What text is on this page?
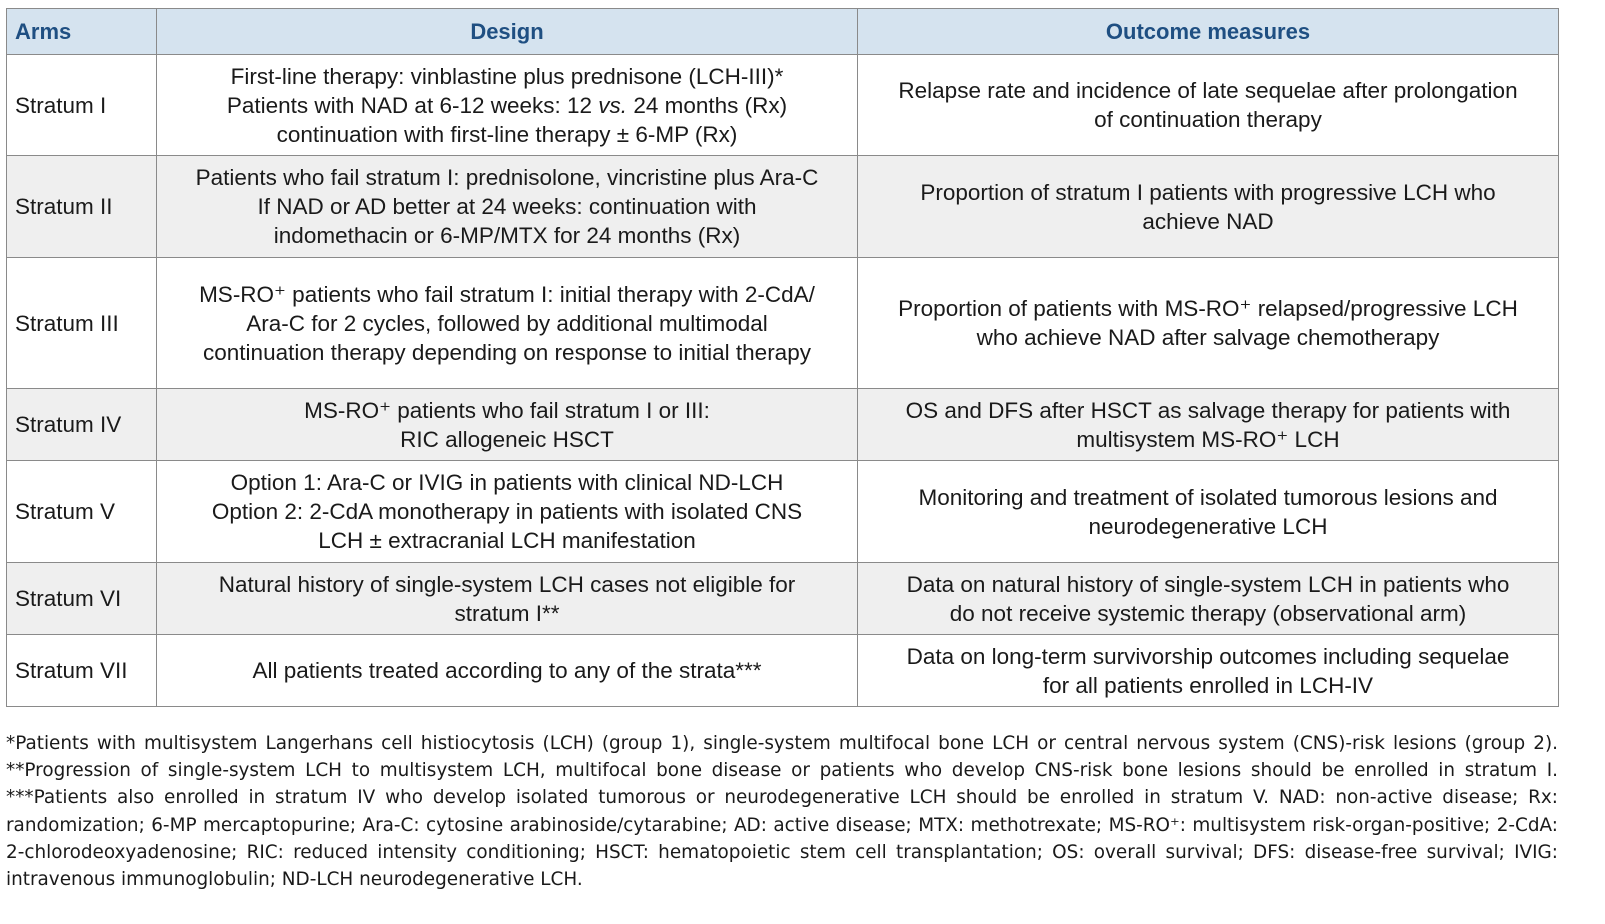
Arms	Design	Outcome measures
Stratum I	First-line therapy: vinblastine plus prednisone (LCH-III)*
Patients with NAD at 6-12 weeks: 12 vs. 24 months (Rx)
continuation with first-line therapy ± 6-MP (Rx)	Relapse rate and incidence of late sequelae after prolongation
of continuation therapy

Stratum II	Patients who fail stratum I: prednisolone, vincristine plus Ara-C
If NAD or AD better at 24 weeks: continuation with
indomethacin or 6-MP/MTX for 24 months (Rx)	Proportion of stratum I patients with progressive LCH who
achieve NAD

Stratum III	MS-RO⁺ patients who fail stratum I: initial therapy with 2-CdA/
Ara-C for 2 cycles, followed by additional multimodal
continuation therapy depending on response to initial therapy	Proportion of patients with MS-RO⁺ relapsed/progressive LCH
who achieve NAD after salvage chemotherapy

Stratum IV	MS-RO⁺ patients who fail stratum I or III:
RIC allogeneic HSCT	OS and DFS after HSCT as salvage therapy for patients with
multisystem MS-RO⁺ LCH

Stratum V	Option 1: Ara-C or IVIG in patients with clinical ND-LCH
Option 2: 2-CdA monotherapy in patients with isolated CNS
LCH ± extracranial LCH manifestation	Monitoring and treatment of isolated tumorous lesions and
neurodegenerative LCH

Stratum VI	Natural history of single-system LCH cases not eligible for
stratum I**	Data on natural history of single-system LCH in patients who
do not receive systemic therapy (observational arm)

Stratum VII	All patients treated according to any of the strata***	Data on long-term survivorship outcomes including sequelae
for all patients enrolled in LCH-IV
*Patients with multisystem Langerhans cell histiocytosis (LCH) (group 1), single-system multifocal bone LCH or central nervous system (CNS)-risk lesions (group 2). **Progression of single-system LCH to multisystem LCH, multifocal bone disease or patients who develop CNS-risk bone lesions should be enrolled in stratum I. ***Patients also enrolled in stratum IV who develop isolated tumorous or neurodegenerative LCH should be enrolled in stratum V. NAD: non-active disease; Rx: randomization; 6-MP mercaptopurine; Ara-C: cytosine arabinoside/cytarabine; AD: active disease; MTX: methotrexate; MS-RO⁺: multisystem risk-organ-positive; 2-CdA: 2-chlorodeoxyadenosine; RIC: reduced intensity conditioning; HSCT: hematopoietic stem cell transplantation; OS: overall survival; DFS: disease-free survival; IVIG: intravenous immunoglobulin; ND-LCH neurodegenerative LCH.
